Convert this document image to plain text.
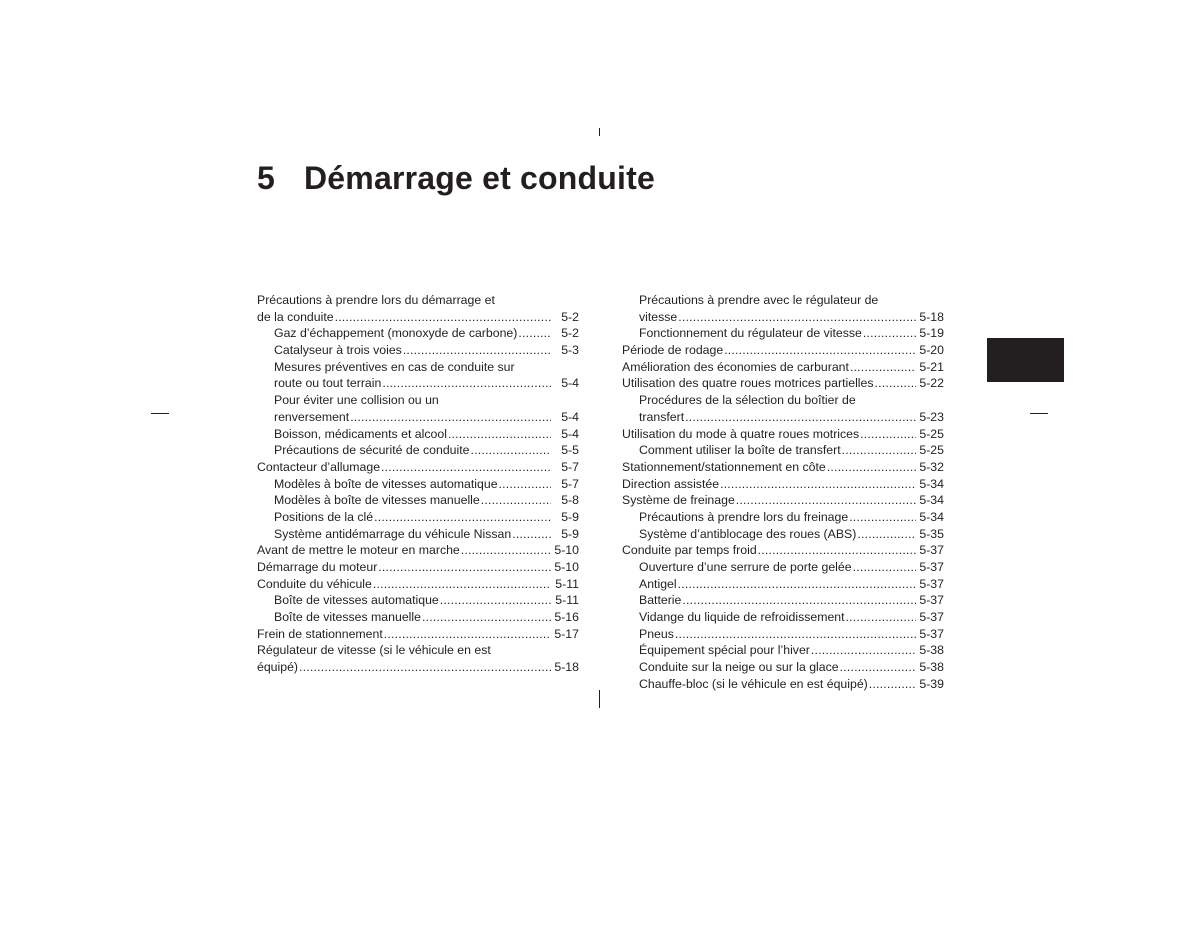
5 Démarrage et conduite
Précautions à prendre lors du démarrage et
de la conduite .....	5-2
Gaz d’échappement (monoxyde de carbone) .....	5-2
Catalyseur à trois voies .....	5-3
Mesures préventives en cas de conduite sur
route ou tout terrain .....	5-4
Pour éviter une collision ou un
renversement .....	5-4
Boisson, médicaments et alcool .....	5-4
Précautions de sécurité de conduite .....	5-5
Contacteur d’allumage .....	5-7
Modèles à boîte de vitesses automatique .....	5-7
Modèles à boîte de vitesses manuelle .....	5-8
Positions de la clé .....	5-9
Système antidémarrage du véhicule Nissan .....	5-9
Avant de mettre le moteur en marche .....	5-10
Démarrage du moteur .....	5-10
Conduite du véhicule .....	5-11
Boîte de vitesses automatique .....	5-11
Boîte de vitesses manuelle .....	5-16
Frein de stationnement .....	5-17
Régulateur de vitesse (si le véhicule en est
équipé) .....	5-18
Précautions à prendre avec le régulateur de
vitesse .....	5-18
Fonctionnement du régulateur de vitesse .....	5-19
Période de rodage .....	5-20
Amélioration des économies de carburant .....	5-21
Utilisation des quatre roues motrices partielles .....	5-22
Procédures de la sélection du boîtier de
transfert .....	5-23
Utilisation du mode à quatre roues motrices .....	5-25
Comment utiliser la boîte de transfert .....	5-25
Stationnement/stationnement en côte .....	5-32
Direction assistée .....	5-34
Système de freinage .....	5-34
Précautions à prendre lors du freinage .....	5-34
Système d’antiblocage des roues (ABS) .....	5-35
Conduite par temps froid .....	5-37
Ouverture d’une serrure de porte gelée .....	5-37
Antigel .....	5-37
Batterie .....	5-37
Vidange du liquide de refroidissement .....	5-37
Pneus .....	5-37
Équipement spécial pour l’hiver .....	5-38
Conduite sur la neige ou sur la glace .....	5-38
Chauffe-bloc (si le véhicule en est équipé) .....	5-39
